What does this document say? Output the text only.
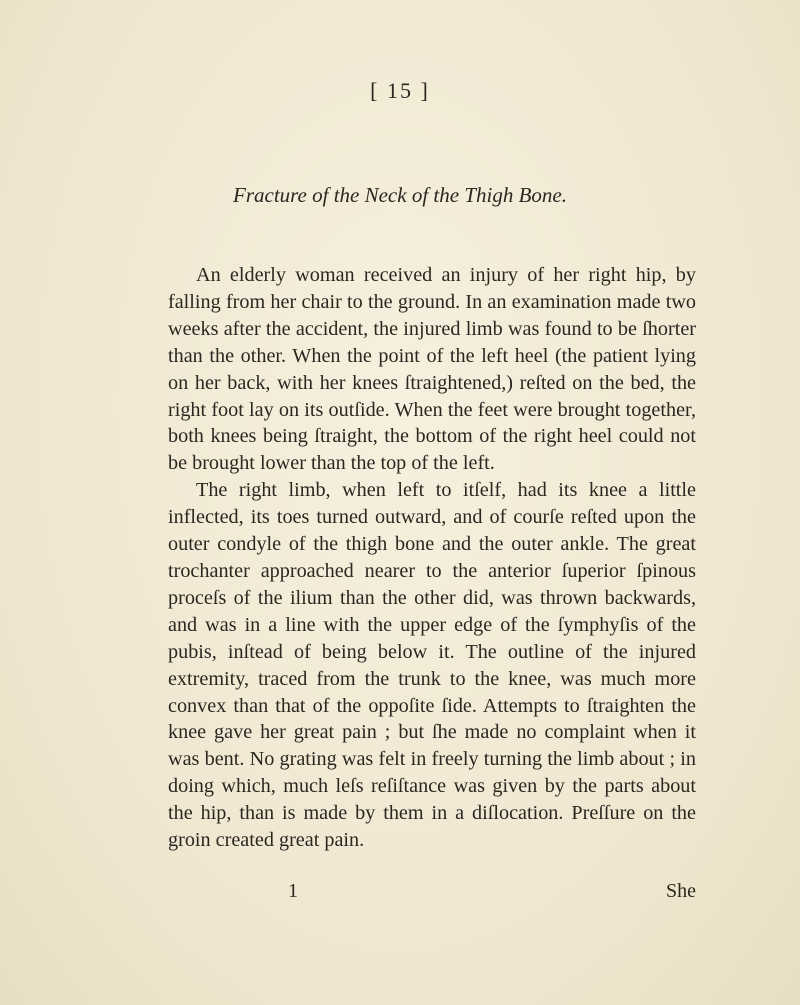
[ 15 ]
Fracture of the Neck of the Thigh Bone.

An elderly woman received an injury of her right hip, by falling from her chair to the ground. In an examination made two weeks after the accident, the injured limb was found to be ſhorter than the other. When the point of the left heel (the patient lying on her back, with her knees ſtraightened,) reſted on the bed, the right foot lay on its outſide. When the feet were brought together, both knees being ſtraight, the bottom of the right heel could not be brought lower than the top of the left.

The right limb, when left to itſelf, had its knee a little inflected, its toes turned outward, and of courſe reſted upon the outer condyle of the thigh bone and the outer ankle. The great trochanter approached nearer to the anterior ſuperior ſpinous proceſs of the ilium than the other did, was thrown backwards, and was in a line with the upper edge of the ſymphyſis of the pubis, inſtead of being below it. The outline of the injured extremity, traced from the trunk to the knee, was much more convex than that of the oppoſite ſide. Attempts to ſtraighten the knee gave her great pain ; but ſhe made no complaint when it was bent. No grating was felt in freely turning the limb about ; in doing which, much leſs reſiſtance was given by the parts about the hip, than is made by them in a diſlocation. Preſſure on the groin created great pain.

1	She
